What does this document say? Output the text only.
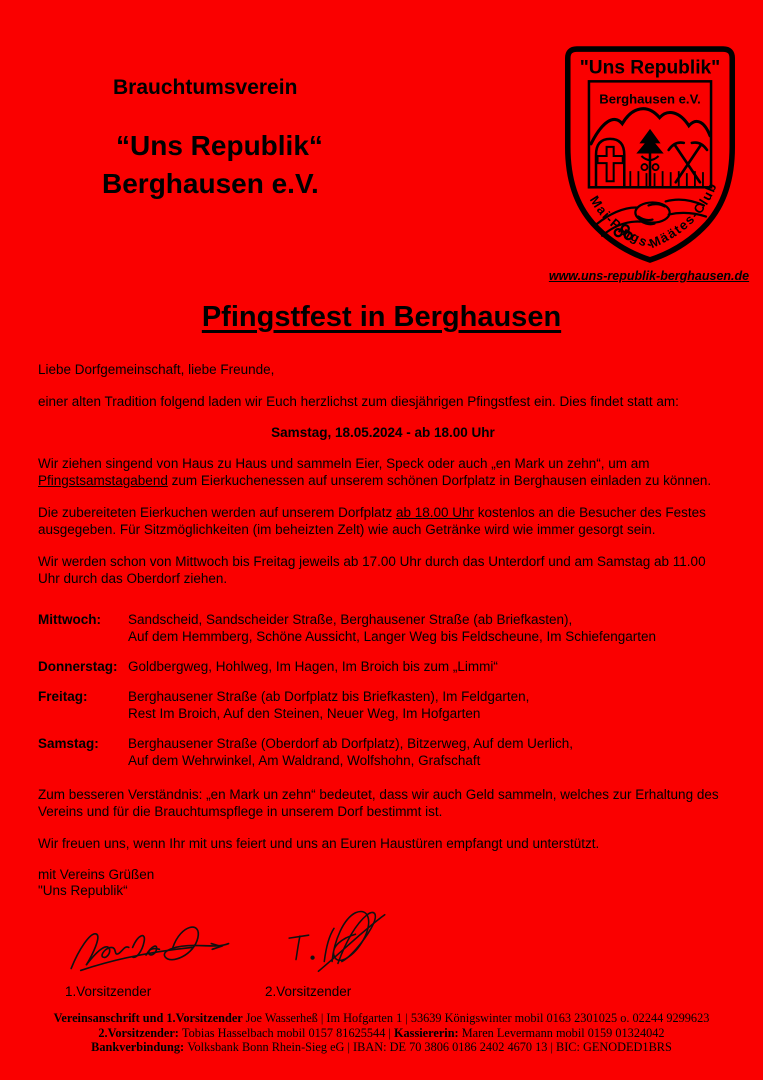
Brauchtumsverein
“Uns Republik“
Berghausen e.V.
"Uns Republik"
Berghausen e.V.
Mai-Pings-Määtes-Club
www.uns-republik-berghausen.de
Pfingstfest in Berghausen

Liebe Dorfgemeinschaft, liebe Freunde,

einer alten Tradition folgend laden wir Euch herzlichst zum diesjährigen Pfingstfest ein. Dies findet statt am:

Samstag, 18.05.2024 - ab 18.00 Uhr

Wir ziehen singend von Haus zu Haus und sammeln Eier, Speck oder auch „en Mark un zehn“, um am Pfingstsamstagabend zum Eierkuchenessen auf unserem schönen Dorfplatz in Berghausen einladen zu können.

Die zubereiteten Eierkuchen werden auf unserem Dorfplatz ab 18.00 Uhr kostenlos an die Besucher des Festes ausgegeben. Für Sitzmöglichkeiten (im beheizten Zelt) wie auch Getränke wird wie immer gesorgt sein.

Wir werden schon von Mittwoch bis Freitag jeweils ab 17.00 Uhr durch das Unterdorf und am Samstag ab 11.00 Uhr durch das Oberdorf ziehen.

Mittwoch:	Sandscheid, Sandscheider Straße, Berghausener Straße (ab Briefkasten),
Auf dem Hemmberg, Schöne Aussicht, Langer Weg bis Feldscheune, Im Schiefengarten
Donnerstag: Goldbergweg, Hohlweg, Im Hagen, Im Broich bis zum „Limmi“
Freitag:	Berghausener Straße (ab Dorfplatz bis Briefkasten), Im Feldgarten,
Rest Im Broich, Auf den Steinen, Neuer Weg, Im Hofgarten
Samstag:	Berghausener Straße (Oberdorf ab Dorfplatz), Bitzerweg, Auf dem Uerlich,
Auf dem Wehrwinkel, Am Waldrand, Wolfshohn, Grafschaft

Zum besseren Verständnis: „en Mark un zehn“ bedeutet, dass wir auch Geld sammeln, welches zur Erhaltung des Vereins und für die Brauchtumspflege in unserem Dorf bestimmt ist.

Wir freuen uns, wenn Ihr mit uns feiert und uns an Euren Haustüren empfangt und unterstützt.

mit Vereins Grüßen
"Uns Republik“
1.Vorsitzender	2.Vorsitzender
Vereinsanschrift und 1.Vorsitzender Joe Wasserheß | Im Hofgarten 1 | 53639 Königswinter mobil 0163 2301025 o. 02244 9299623
2.Vorsitzender: Tobias Hasselbach mobil 0157 81625544 | Kassiererin: Maren Levermann mobil 0159 01324042
Bankverbindung: Volksbank Bonn Rhein-Sieg eG | IBAN: DE 70 3806 0186 2402 4670 13 | BIC: GENODED1BRS
